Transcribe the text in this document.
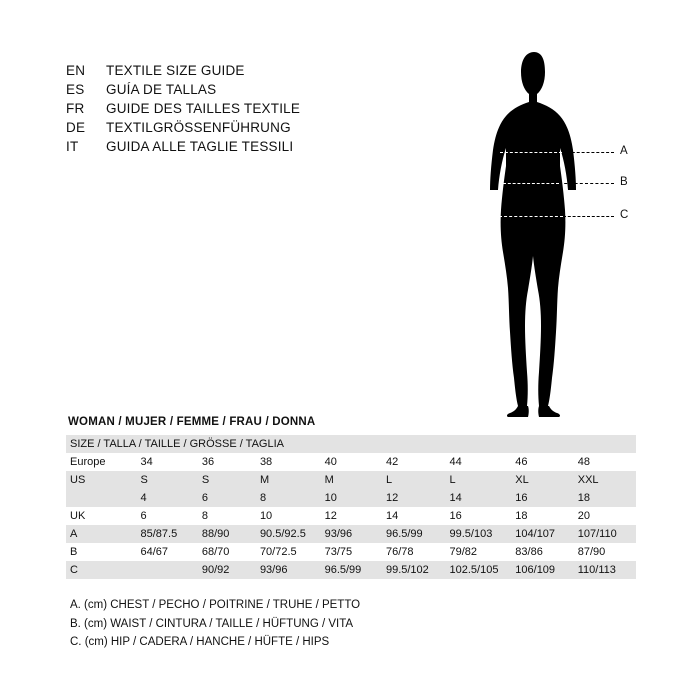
EN	TEXTILE SIZE GUIDE
ES	GUÍA DE TALLAS
FR	GUIDE DES TAILLES TEXTILE
DE	TEXTILGRÖSSENFÜHRUNG
IT	GUIDA ALLE TAGLIE TESSILI	A
B
C
WOMAN / MUJER / FEMME / FRAU / DONNA
SIZE / TALLA / TAILLE / GRÖSSE / TAGLIA								
Europe	34	36	38	40	42	44	46	48
US	S	S	M	M	L	L	XL	XXL
	4	6	8	10	12	14	16	18
UK	6	8	10	12	14	16	18	20
A	85/87.5	88/90	90.5/92.5	93/96	96.5/99	99.5/103	104/107	107/110
B	64/67	68/70	70/72.5	73/75	76/78	79/82	83/86	87/90
C		90/92	93/96	96.5/99	99.5/102	102.5/105	106/109	110/113
A. (cm) CHEST / PECHO / POITRINE / TRUHE / PETTO
B. (cm) WAIST / CINTURA / TAILLE / HÜFTUNG / VITA
C. (cm) HIP / CADERA / HANCHE / HÜFTE / HIPS
